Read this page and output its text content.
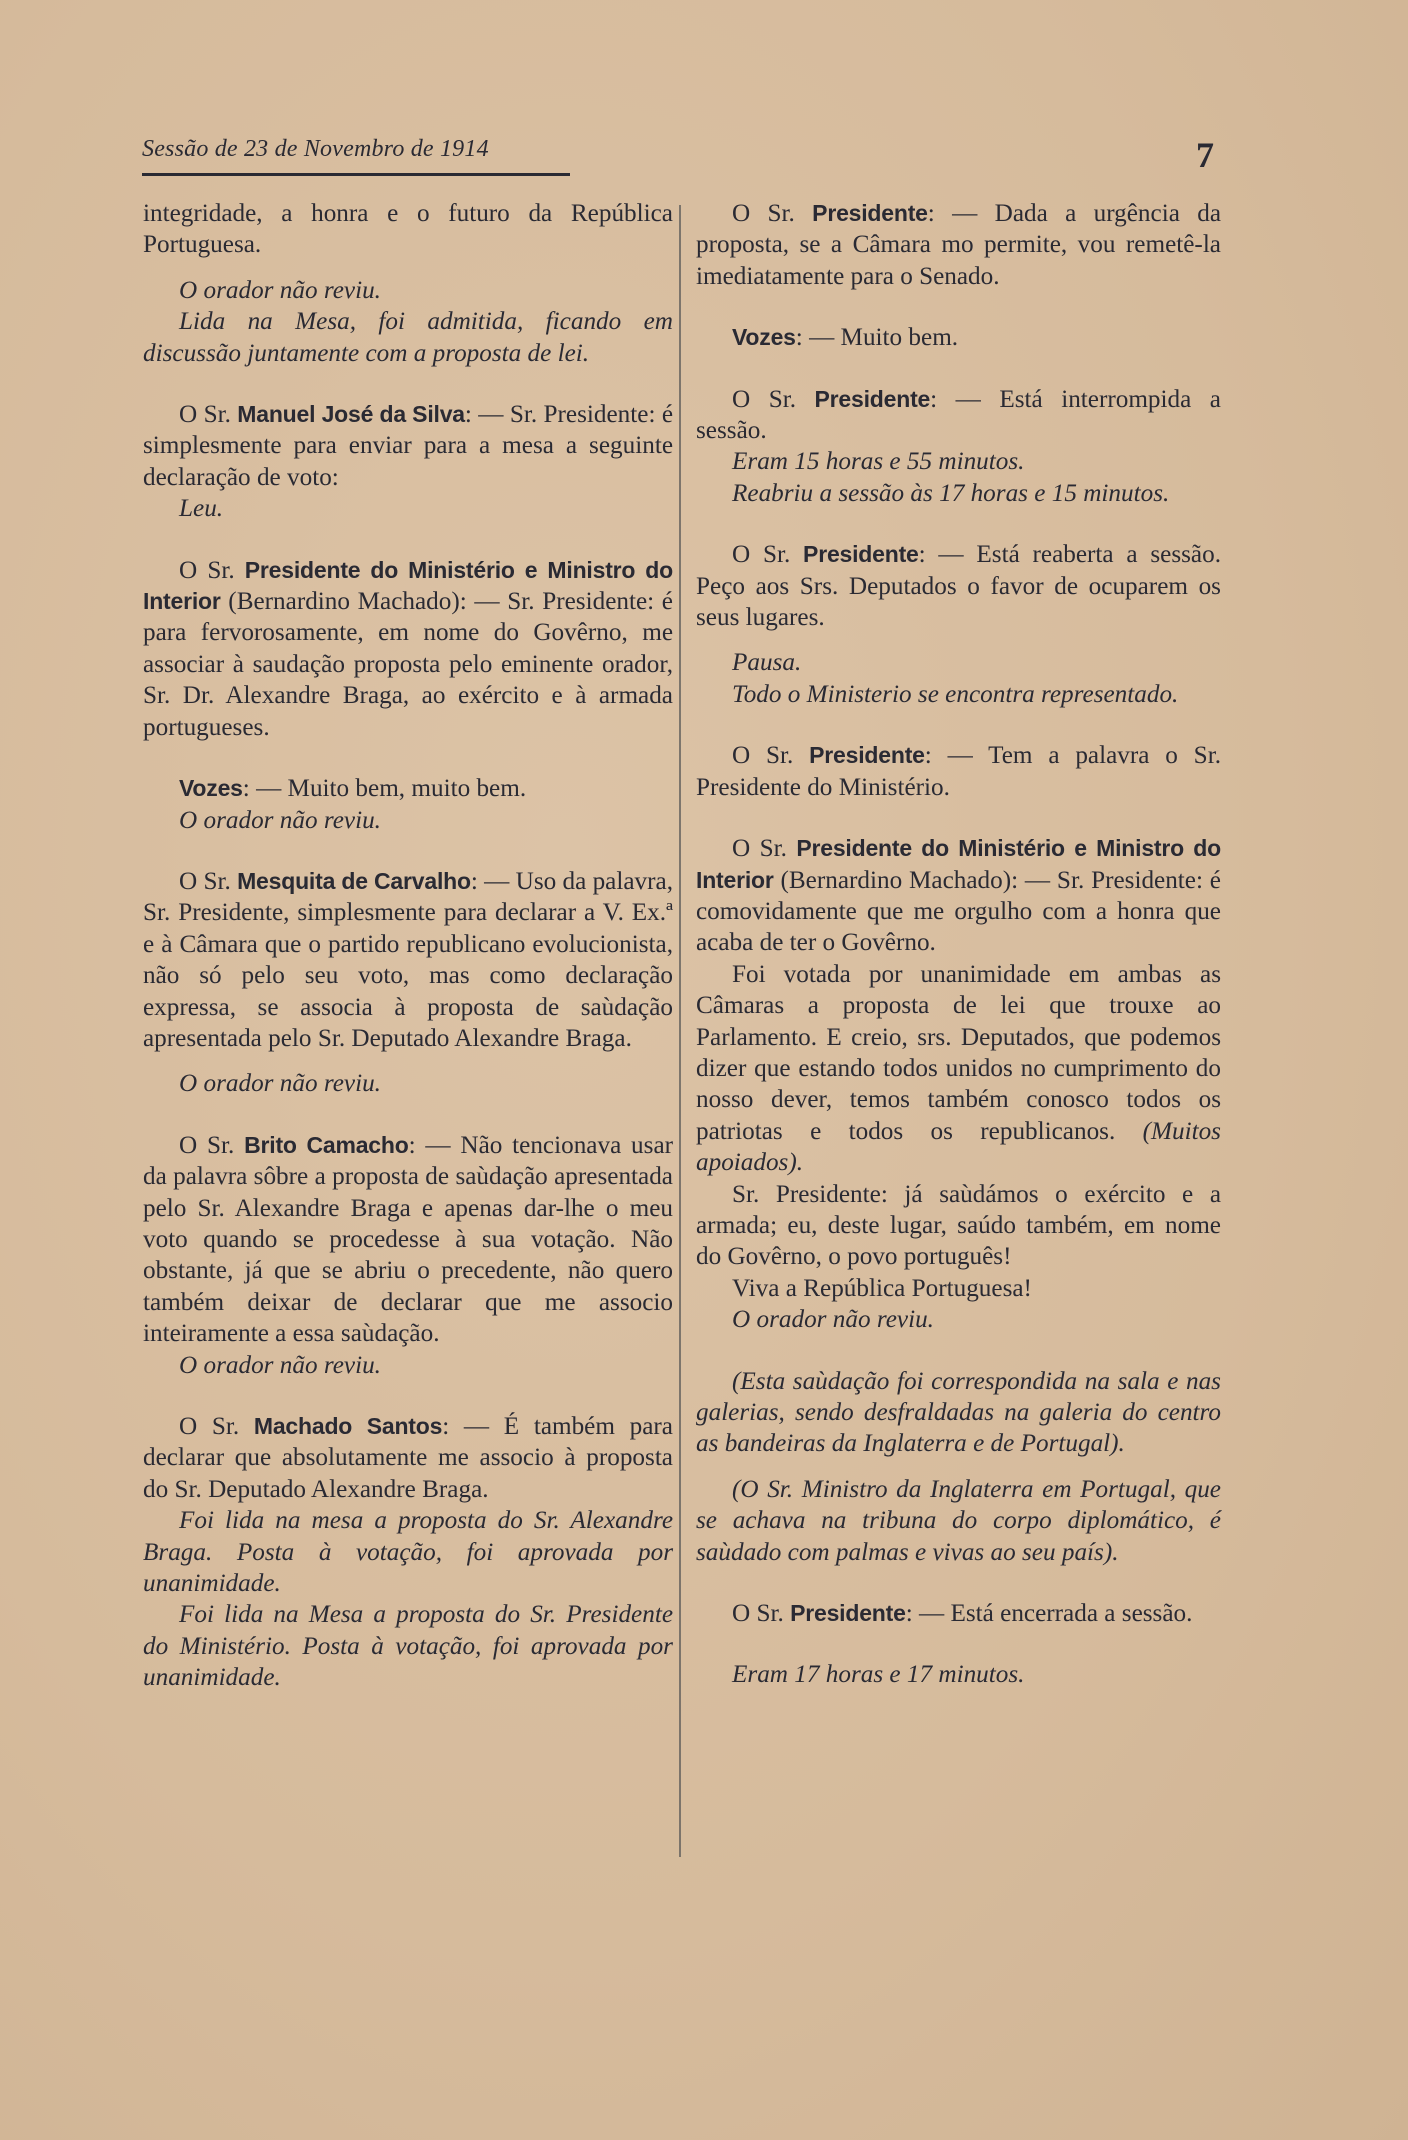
Sessão de 23 de Novembro de 1914	7

integridade, a honra e o futuro da República Portuguesa.

O orador não reviu.

Lida na Mesa, foi admitida, ficando em discussão juntamente com a proposta de lei.

O Sr. Manuel José da Silva: — Sr. Presidente: é simplesmente para enviar para a mesa a seguinte declaração de voto:

Leu.

O Sr. Presidente do Ministério e Ministro do Interior (Bernardino Machado): — Sr. Presidente: é para fervorosamente, em nome do Govêrno, me associar à saudação proposta pelo eminente orador, Sr. Dr. Alexandre Braga, ao exército e à armada portugueses.

Vozes: — Muito bem, muito bem.

O orador não reviu.

O Sr. Mesquita de Carvalho: — Uso da palavra, Sr. Presidente, simplesmente para declarar a V. Ex.ª e à Câmara que o partido republicano evolucionista, não só pelo seu voto, mas como declaração expressa, se associa à proposta de saùdação apresentada pelo Sr. Deputado Alexandre Braga.

O orador não reviu.

O Sr. Brito Camacho: — Não tencionava usar da palavra sôbre a proposta de saùdação apresentada pelo Sr. Alexandre Braga e apenas dar-lhe o meu voto quando se procedesse à sua votação. Não obstante, já que se abriu o precedente, não quero também deixar de declarar que me associo inteiramente a essa saùdação.

O orador não reviu.

O Sr. Machado Santos: — É também para declarar que absolutamente me associo à proposta do Sr. Deputado Alexandre Braga.

Foi lida na mesa a proposta do Sr. Alexandre Braga. Posta à votação, foi aprovada por unanimidade.

Foi lida na Mesa a proposta do Sr. Presidente do Ministério. Posta à votação, foi aprovada por unanimidade.

O Sr. Presidente: — Dada a urgência da proposta, se a Câmara mo permite, vou remetê-la imediatamente para o Senado.

Vozes: — Muito bem.

O Sr. Presidente: — Está interrompida a sessão.

Eram 15 horas e 55 minutos.

Reabriu a sessão às 17 horas e 15 minutos.

O Sr. Presidente: — Está reaberta a sessão. Peço aos Srs. Deputados o favor de ocuparem os seus lugares.

Pausa.

Todo o Ministerio se encontra representado.

O Sr. Presidente: — Tem a palavra o Sr. Presidente do Ministério.

O Sr. Presidente do Ministério e Ministro do Interior (Bernardino Machado): — Sr. Presidente: é comovidamente que me orgulho com a honra que acaba de ter o Govêrno.

Foi votada por unanimidade em ambas as Câmaras a proposta de lei que trouxe ao Parlamento. E creio, srs. Deputados, que podemos dizer que estando todos unidos no cumprimento do nosso dever, temos também conosco todos os patriotas e todos os republicanos. (Muitos apoiados).

Sr. Presidente: já saùdámos o exército e a armada; eu, deste lugar, saúdo também, em nome do Govêrno, o povo português!

Viva a República Portuguesa!

O orador não reviu.

(Esta saùdação foi correspondida na sala e nas galerias, sendo desfraldadas na galeria do centro as bandeiras da Inglaterra e de Portugal).

(O Sr. Ministro da Inglaterra em Portugal, que se achava na tribuna do corpo diplomático, é saùdado com palmas e vivas ao seu país).

O Sr. Presidente: — Está encerrada a sessão.

Eram 17 horas e 17 minutos.
